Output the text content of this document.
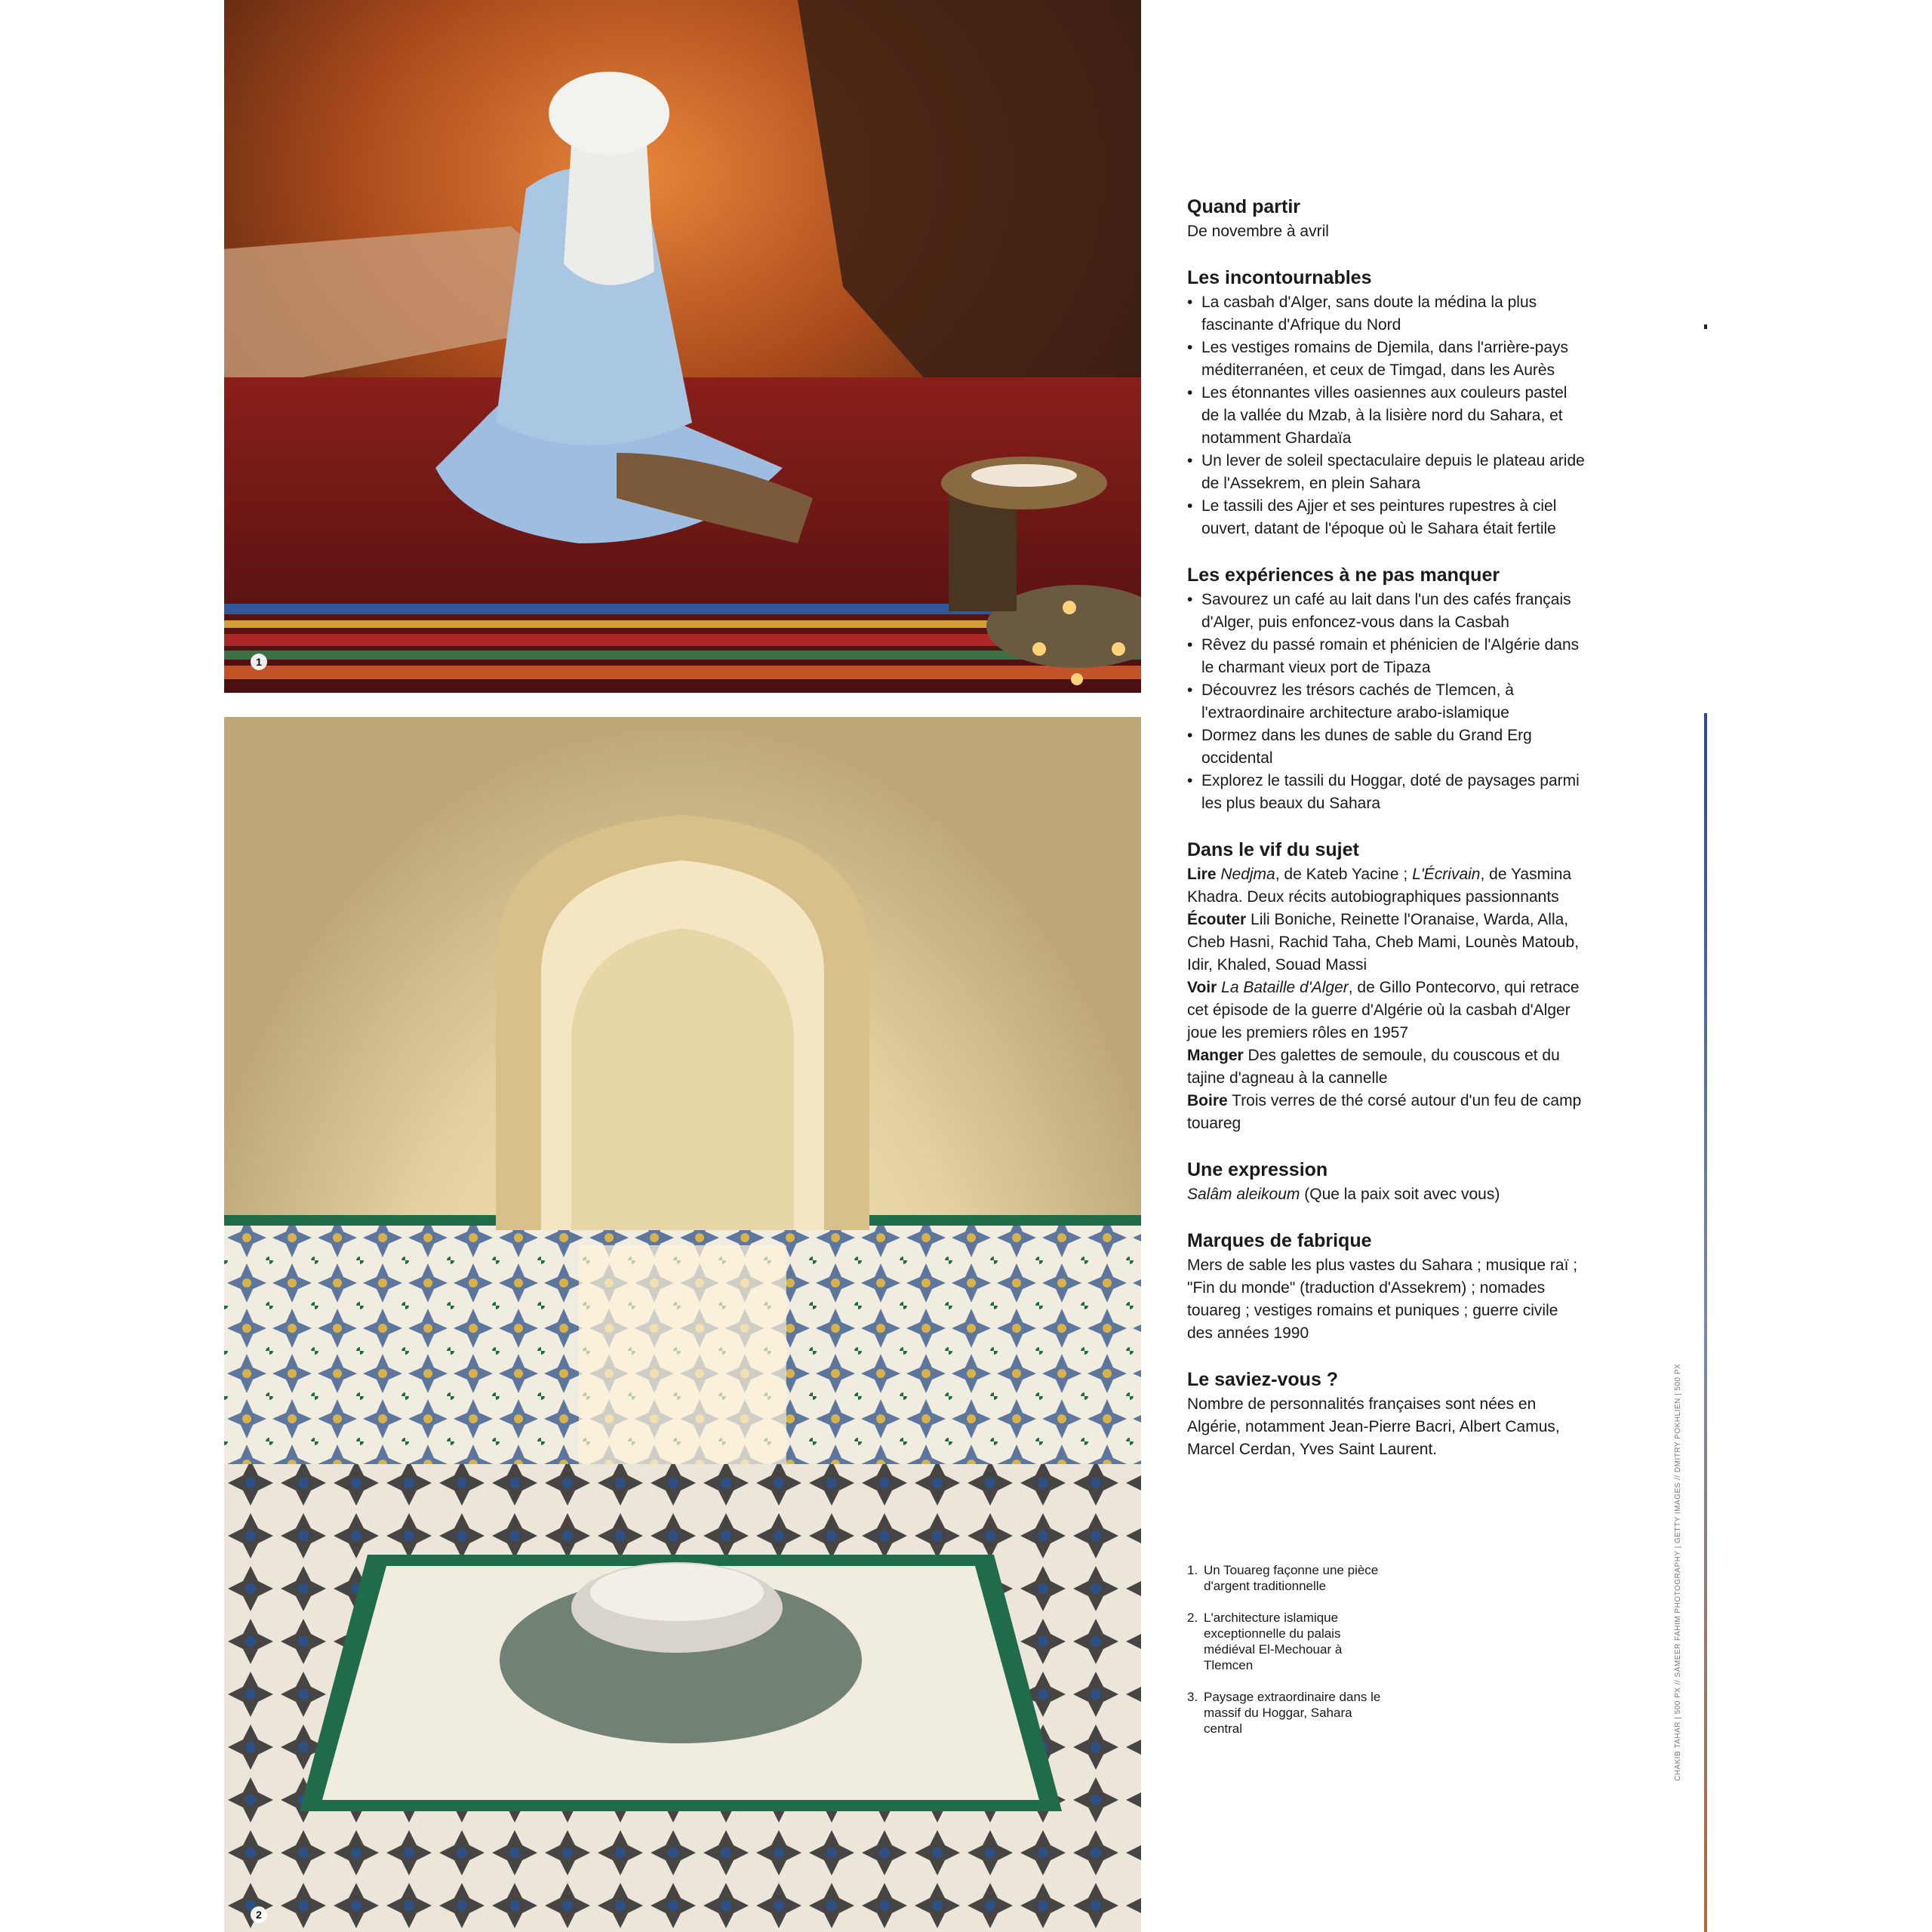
1
2
Quand partir

De novembre à avril

Les incontournables
• La casbah d'Alger, sans doute la médina la plus fascinante d'Afrique du Nord
• Les vestiges romains de Djemila, dans l'arrière-pays méditerranéen, et ceux de Timgad, dans les Aurès
• Les étonnantes villes oasiennes aux couleurs pastel de la vallée du Mzab, à la lisière nord du Sahara, et notamment Ghardaïa
• Un lever de soleil spectaculaire depuis le plateau aride de l'Assekrem, en plein Sahara
• Le tassili des Ajjer et ses peintures rupestres à ciel ouvert, datant de l'époque où le Sahara était fertile
Les expériences à ne pas manquer
• Savourez un café au lait dans l'un des cafés français d'Alger, puis enfoncez-vous dans la Casbah
• Rêvez du passé romain et phénicien de l'Algérie dans le charmant vieux port de Tipaza
• Découvrez les trésors cachés de Tlemcen, à l'extraordinaire architecture arabo-islamique
• Dormez dans les dunes de sable du Grand Erg occidental
• Explorez le tassili du Hoggar, doté de paysages parmi les plus beaux du Sahara
Dans le vif du sujet

Lire Nedjma, de Kateb Yacine ; L'Écrivain, de Yasmina Khadra. Deux récits autobiographiques passionnants

Écouter Lili Boniche, Reinette l'Oranaise, Warda, Alla, Cheb Hasni, Rachid Taha, Cheb Mami, Lounès Matoub, Idir, Khaled, Souad Massi

Voir La Bataille d'Alger, de Gillo Pontecorvo, qui retrace cet épisode de la guerre d'Algérie où la casbah d'Alger joue les premiers rôles en 1957

Manger Des galettes de semoule, du couscous et du tajine d'agneau à la cannelle

Boire Trois verres de thé corsé autour d'un feu de camp touareg

Une expression

Salâm aleikoum (Que la paix soit avec vous)

Marques de fabrique

Mers de sable les plus vastes du Sahara ; musique raï ; "Fin du monde" (traduction d'Assekrem) ; nomades touareg ; vestiges romains et puniques ; guerre civile des années 1990

Le saviez-vous ?

Nombre de personnalités françaises sont nées en Algérie, notamment Jean-Pierre Bacri, Albert Camus, Marcel Cerdan, Yves Saint Laurent.

1. Un Touareg façonne une pièce d'argent traditionnelle
2. L'architecture islamique exceptionnelle du palais médiéval El-Mechouar à Tlemcen
3. Paysage extraordinaire dans le massif du Hoggar, Sahara central	CHAKIB TAHAR | 500 PX // SAMEER FAHIM PHOTOGRAPHY | GETTY IMAGES // DMITRY POKHLIEN | 500 PX
